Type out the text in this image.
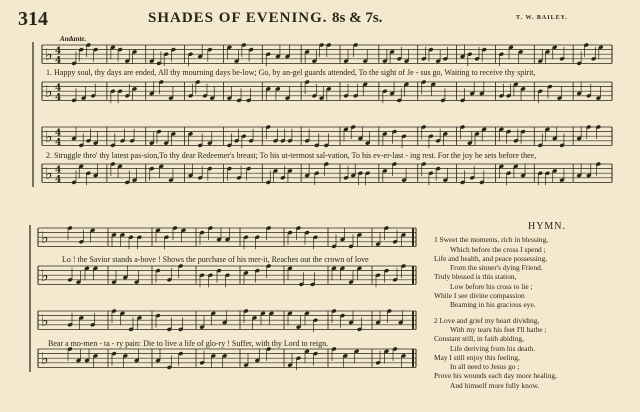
314	SHADES OF EVENING. 8s & 7s.	T. W. BAILEY.
Andante.
♭ 4
4
♭ 4
4
♭ 4
4
♭ 4
4
♭
♭
♭
♭
1. Happy soul, thy days are ended, All thy mourning days be-low; Go, by an-gel guards attended, To the sight of Je - sus go, Waiting to receive thy spirit,
2. Struggle thro' thy latest pas-sion,To thy dear Redeemer's breast; To his ut-termost sal-vation, To his ev-er-last - ing rest. For the joy he sets before thee,
Lo ! the Savior stands a-bove ! Shows the purchase of his mer-it, Reaches out the crown of love
Bear a mo-men - ta - ry pain: Die to live a life of glo-ry ! Suffer, with thy Lord to reign.
HYMN.
1 Sweet the moments, rich in blessing,
Which before the cross I spend ;
Life and health, and peace possessing,
From the sinner's dying Friend.
Truly blessed is this station,
Low before his cross to lie ;
While I see divine compassion
Beaming in his gracious eye.
2 Love and grief my heart dividing,
With my tears his feet I'll bathe ;
Constant still, in faith abiding,
Life deriving from his death.
May I still enjoy this feeling,
In all need to Jesus go ;
Prove his wounds each day more healing,
And himself more fully know.
